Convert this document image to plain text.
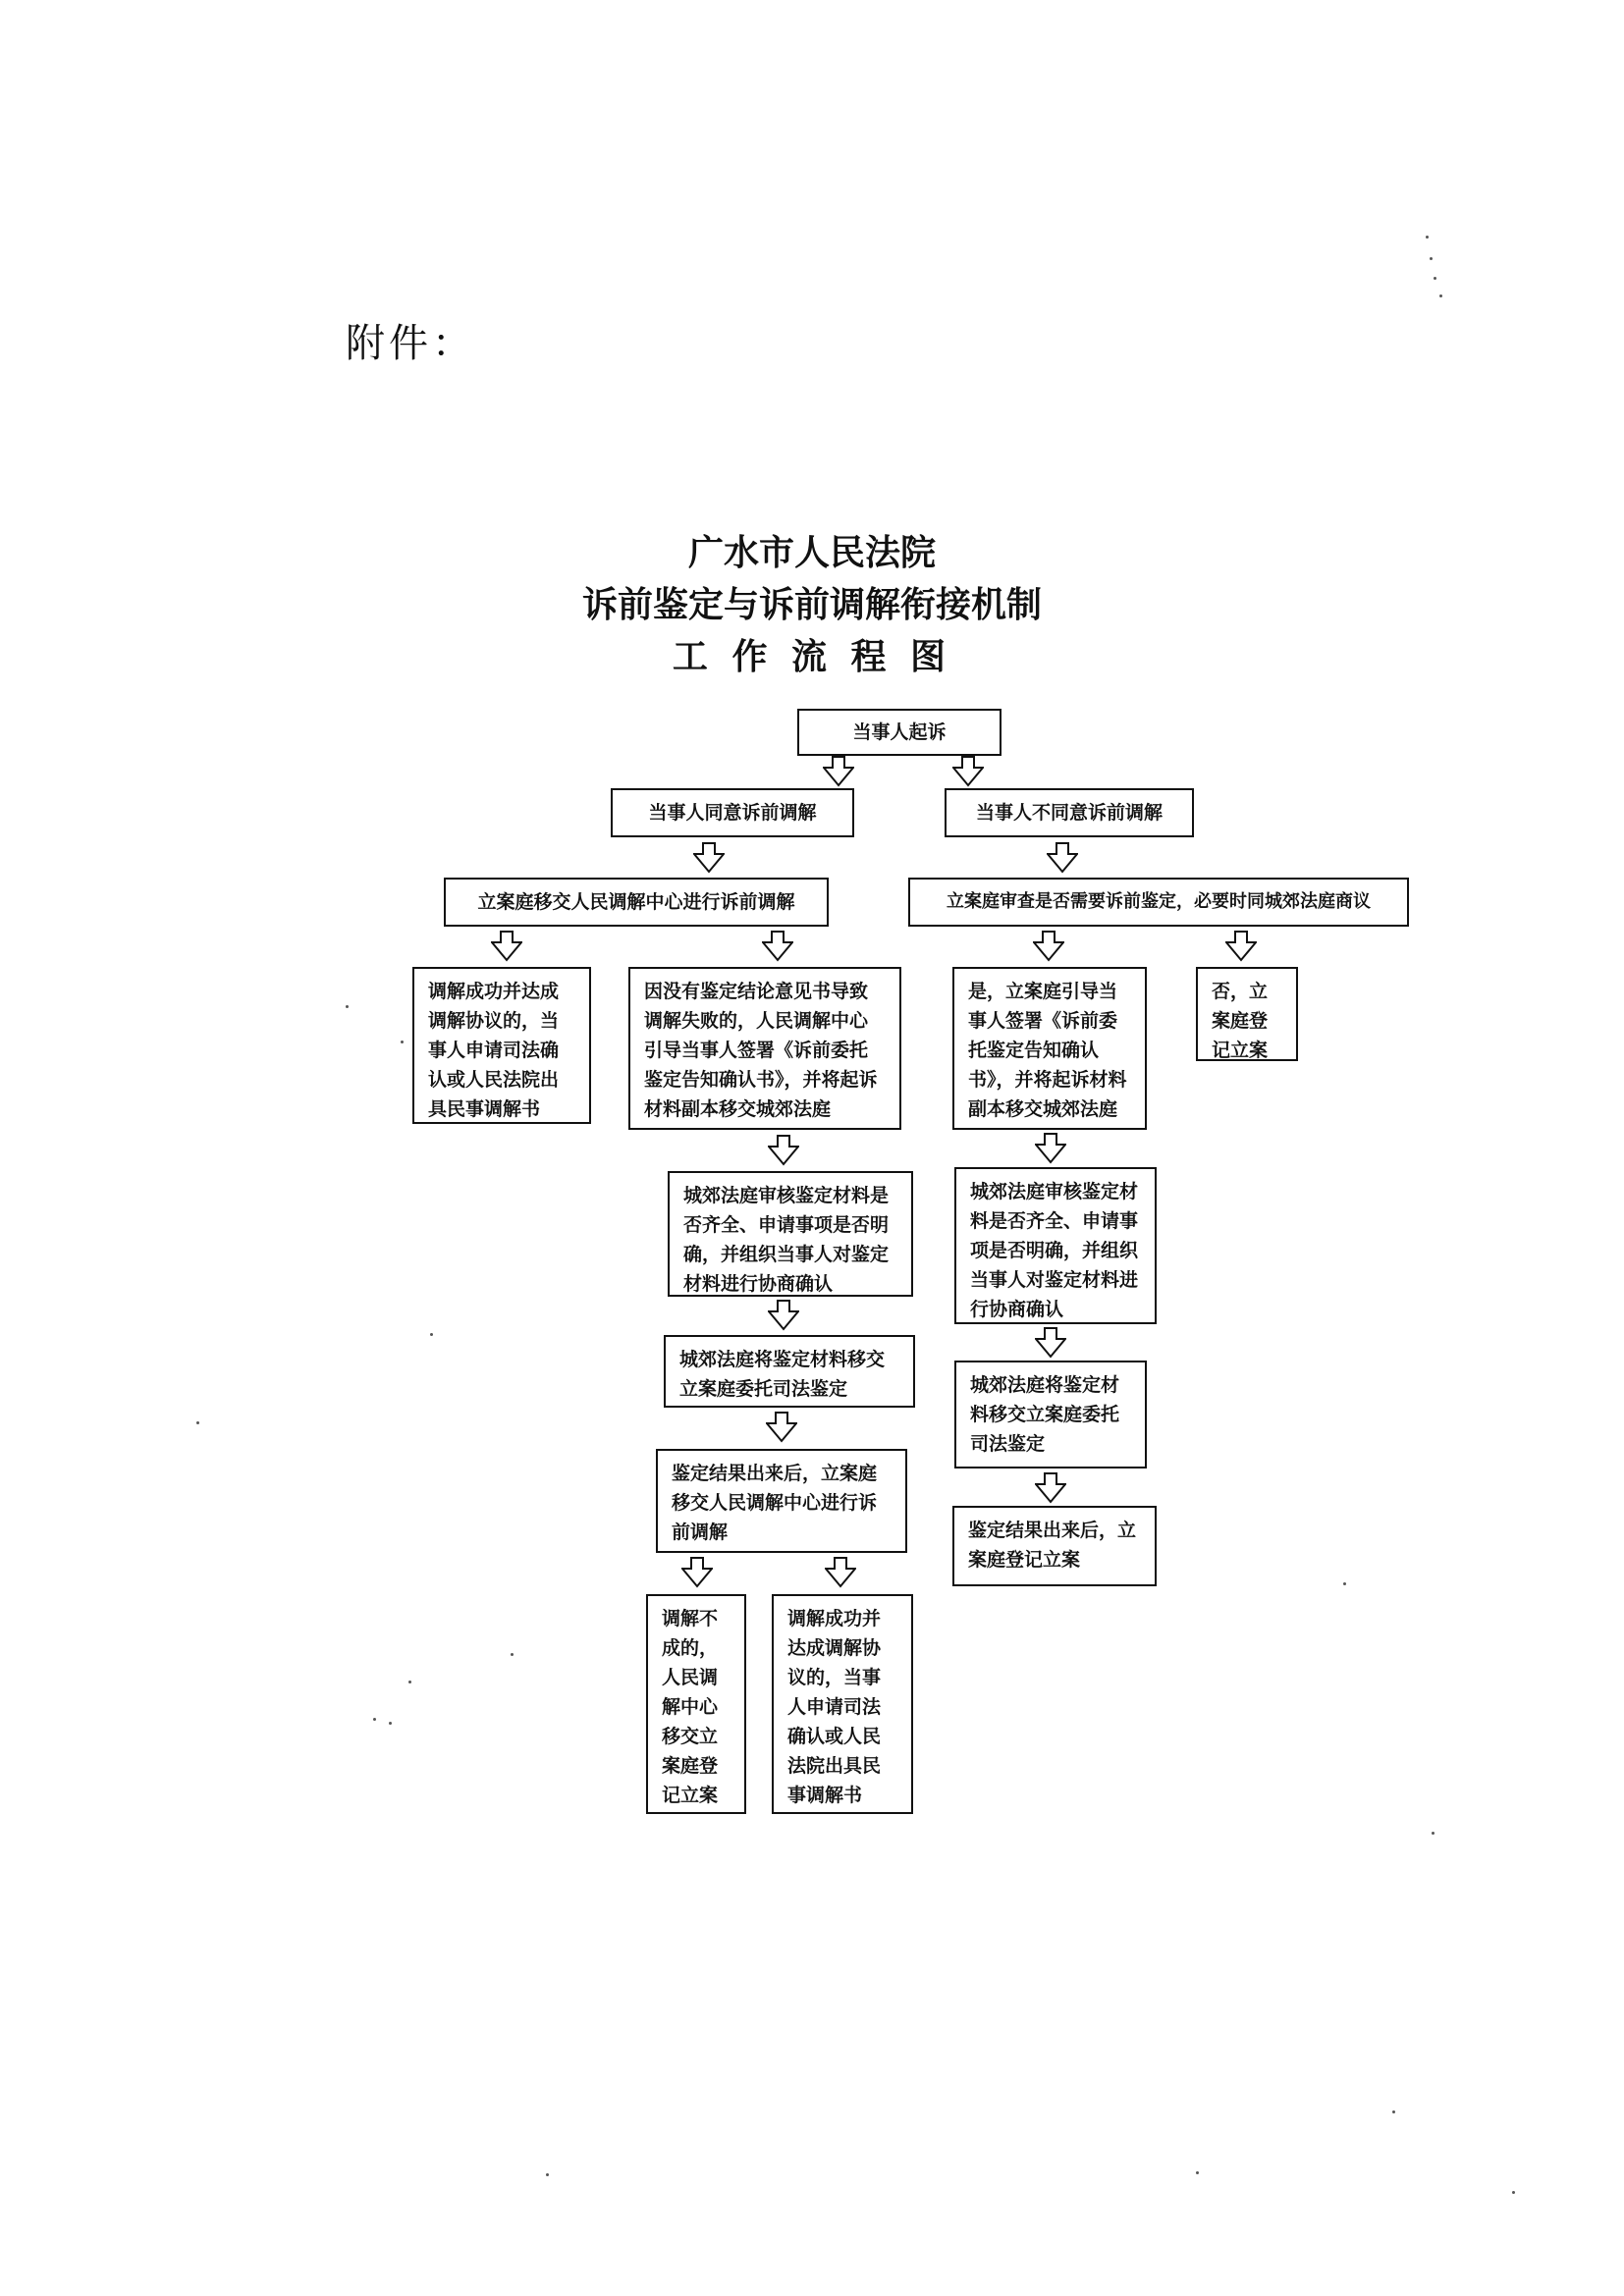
附件：
广水市人民法院
诉前鉴定与诉前调解衔接机制
工 作 流 程 图
当事人起诉
当事人同意诉前调解	当事人不同意诉前调解
立案庭移交人民调解中心进行诉前调解	立案庭审查是否需要诉前鉴定，必要时同城郊法庭商议
调解成功并达成调解协议的，当事人申请司法确认或人民法院出具民事调解书
因没有鉴定结论意见书导致调解失败的，人民调解中心引导当事人签署《诉前委托鉴定告知确认书》，并将起诉材料副本移交城郊法庭
是，立案庭引导当事人签署《诉前委托鉴定告知确认书》，并将起诉材料副本移交城郊法庭
否，立案庭登记立案
城郊法庭审核鉴定材料是否齐全、申请事项是否明确，并组织当事人对鉴定材料进行协商确认
城郊法庭审核鉴定材料是否齐全、申请事项是否明确，并组织当事人对鉴定材料进行协商确认
城郊法庭将鉴定材料移交立案庭委托司法鉴定	城郊法庭将鉴定材料移交立案庭委托司法鉴定
鉴定结果出来后，立案庭移交人民调解中心进行诉前调解	鉴定结果出来后，立案庭登记立案
调解不成的，人民调解中心移交立案庭登记立案
调解成功并达成调解协议的，当事人申请司法确认或人民法院出具民事调解书
